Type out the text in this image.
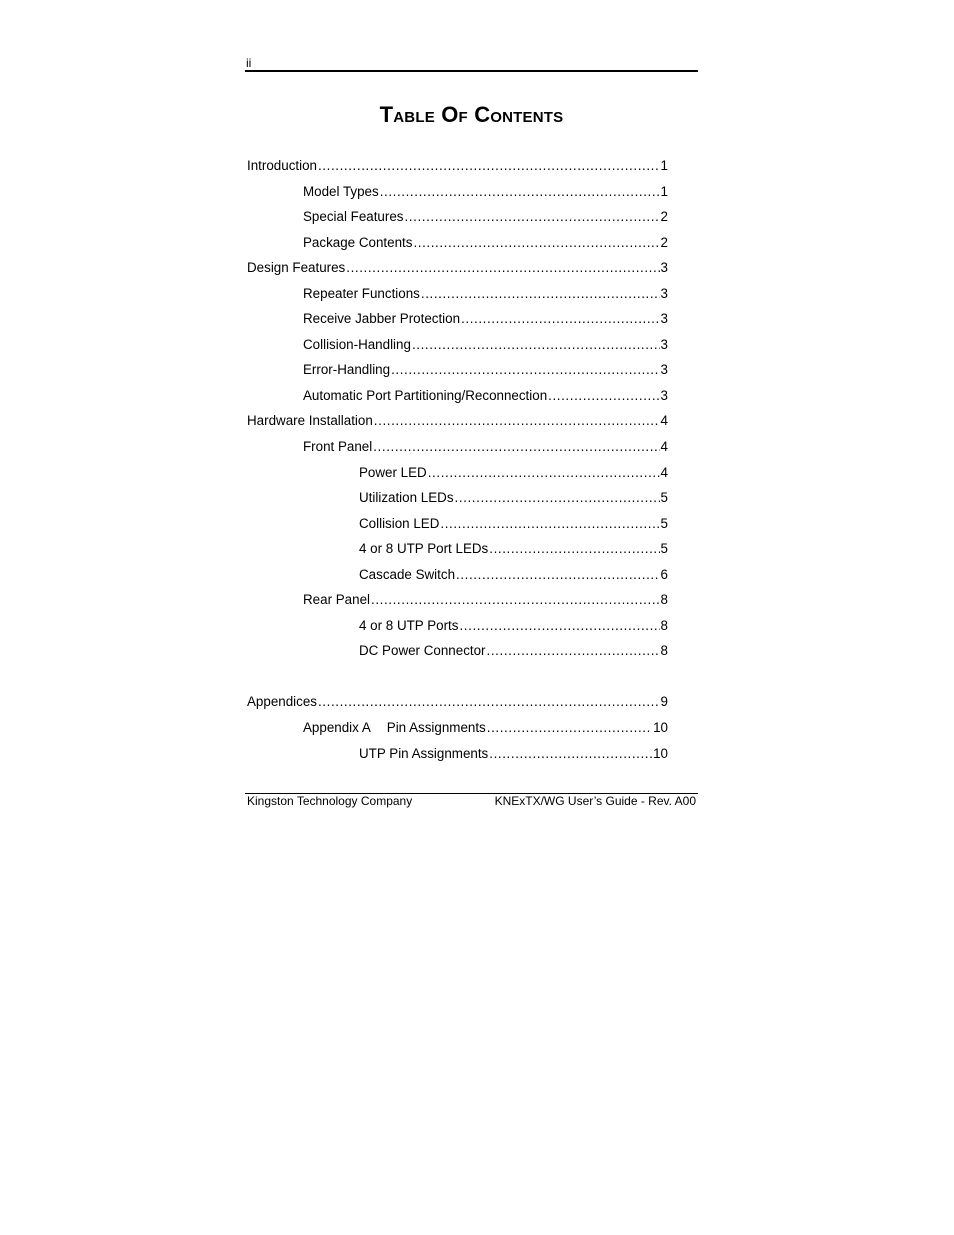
ii
Table Of Contents
Introduction .....	1
Model Types .....	1
Special Features .....	2
Package Contents .....	2
Design Features .....	3
Repeater Functions .....	3
Receive Jabber Protection .....	3
Collision-Handling .....	3
Error-Handling .....	3
Automatic Port Partitioning/Reconnection .....	3
Hardware Installation .....	4
Front Panel .....	4
Power LED .....	4
Utilization LEDs .....	5
Collision LED .....	5
4 or 8 UTP Port LEDs .....	5
Cascade Switch .....	6
Rear Panel .....	8
4 or 8 UTP Ports .....	8
DC Power Connector .....	8
Appendices .....	9
Appendix A Pin Assignments .....	10
UTP Pin Assignments .....	10
Kingston Technology Company	KNExTX/WG User’s Guide - Rev. A00
